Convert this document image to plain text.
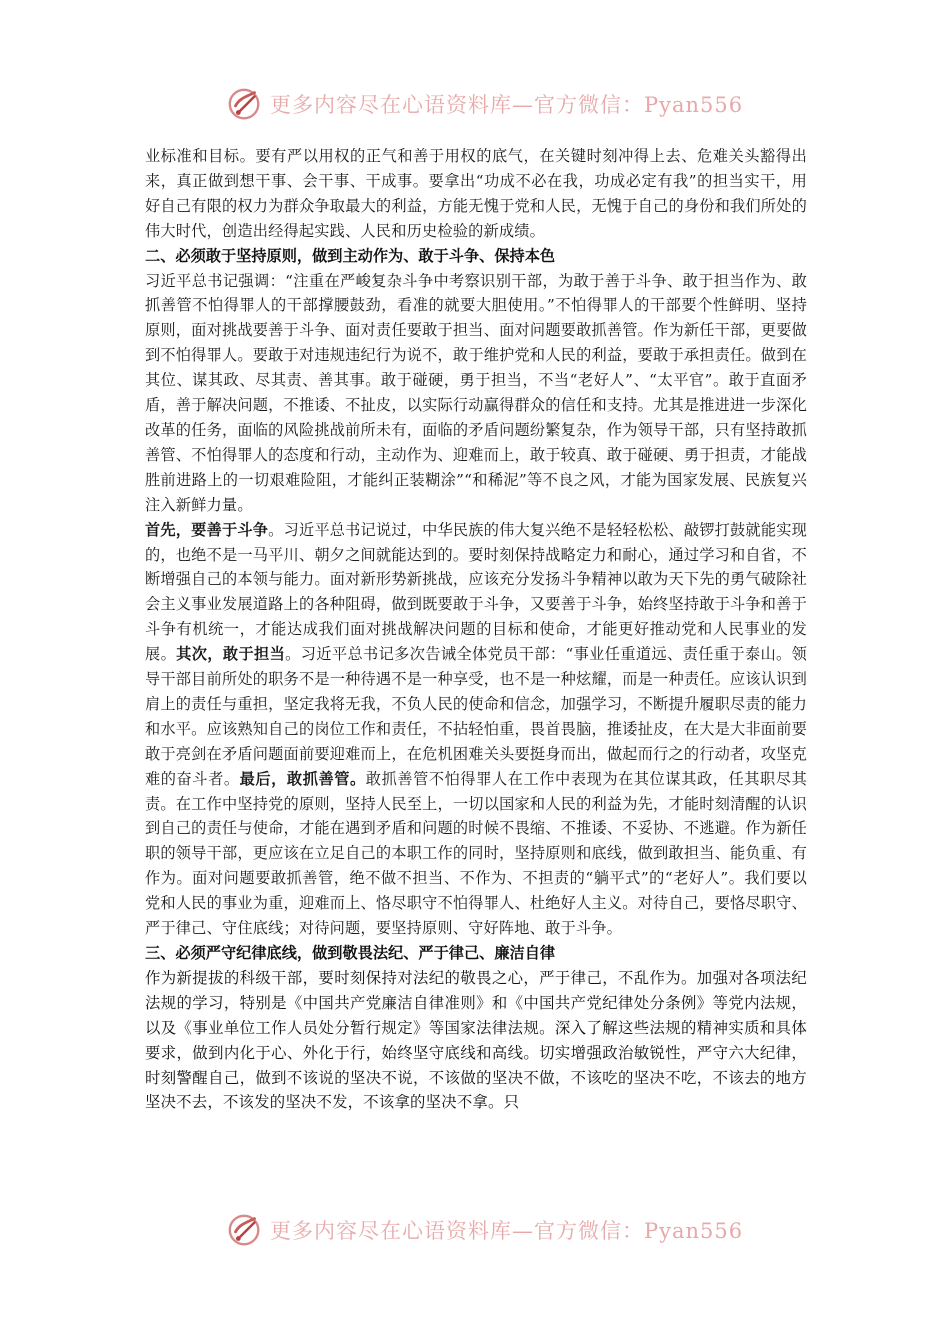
更多内容尽在心语资料库—官方微信：Pyan556

业标准和目标。要有严以用权的正气和善于用权的底气，在关键时刻冲得上去、危难关头豁得出来，真正做到想干事、会干事、干成事。要拿出“功成不必在我，功成必定有我”的担当实干，用好自己有限的权力为群众争取最大的利益，方能无愧于党和人民，无愧于自己的身份和我们所处的伟大时代，创造出经得起实践、人民和历史检验的新成绩。

二、必须敢于坚持原则，做到主动作为、敢于斗争、保持本色

习近平总书记强调：“注重在严峻复杂斗争中考察识别干部，为敢于善于斗争、敢于担当作为、敢抓善管不怕得罪人的干部撑腰鼓劲，看准的就要大胆使用。”不怕得罪人的干部要个性鲜明、坚持原则，面对挑战要善于斗争、面对责任要敢于担当、面对问题要敢抓善管。作为新任干部，更要做到不怕得罪人。要敢于对违规违纪行为说不，敢于维护党和人民的利益，要敢于承担责任。做到在其位、谋其政、尽其责、善其事。敢于碰硬，勇于担当，不当“老好人”、“太平官”。敢于直面矛盾，善于解决问题，不推诿、不扯皮，以实际行动赢得群众的信任和支持。尤其是推进进一步深化改革的任务，面临的风险挑战前所未有，面临的矛盾问题纷繁复杂，作为领导干部，只有坚持敢抓善管、不怕得罪人的态度和行动，主动作为、迎难而上，敢于较真、敢于碰硬、勇于担责，才能战胜前进路上的一切艰难险阻，才能纠正装糊涂”“和稀泥”等不良之风，才能为国家发展、民族复兴注入新鲜力量。

首先，要善于斗争。习近平总书记说过，中华民族的伟大复兴绝不是轻轻松松、敲锣打鼓就能实现的，也绝不是一马平川、朝夕之间就能达到的。要时刻保持战略定力和耐心，通过学习和自省，不断增强自己的本领与能力。面对新形势新挑战，应该充分发扬斗争精神以敢为天下先的勇气破除社会主义事业发展道路上的各种阻碍，做到既要敢于斗争，又要善于斗争，始终坚持敢于斗争和善于斗争有机统一，才能达成我们面对挑战解决问题的目标和使命，才能更好推动党和人民事业的发展。其次，敢于担当。习近平总书记多次告诫全体党员干部：“事业任重道远、责任重于泰山。领导干部目前所处的职务不是一种待遇不是一种享受，也不是一种炫耀，而是一种责任。应该认识到肩上的责任与重担，坚定我将无我，不负人民的使命和信念，加强学习，不断提升履职尽责的能力和水平。应该熟知自己的岗位工作和责任，不拈轻怕重，畏首畏脑，推诿扯皮，在大是大非面前要敢于亮剑在矛盾问题面前要迎难而上，在危机困难关头要挺身而出，做起而行之的行动者，攻坚克难的奋斗者。最后，敢抓善管。敢抓善管不怕得罪人在工作中表现为在其位谋其政，任其职尽其责。在工作中坚持党的原则，坚持人民至上，一切以国家和人民的利益为先，才能时刻清醒的认识到自己的责任与使命，才能在遇到矛盾和问题的时候不畏缩、不推诿、不妥协、不逃避。作为新任职的领导干部，更应该在立足自己的本职工作的同时，坚持原则和底线，做到敢担当、能负重、有作为。面对问题要敢抓善管，绝不做不担当、不作为、不担责的“躺平式”的“老好人”。我们要以党和人民的事业为重，迎难而上、恪尽职守不怕得罪人、杜绝好人主义。对待自己，要恪尽职守、严于律己、守住底线；对待问题，要坚持原则、守好阵地、敢于斗争。

三、必须严守纪律底线，做到敬畏法纪、严于律己、廉洁自律

作为新提拔的科级干部，要时刻保持对法纪的敬畏之心，严于律己，不乱作为。加强对各项法纪法规的学习，特别是《中国共产党廉洁自律准则》和《中国共产党纪律处分条例》等党内法规，以及《事业单位工作人员处分暂行规定》等国家法律法规。深入了解这些法规的精神实质和具体要求，做到内化于心、外化于行，始终坚守底线和高线。切实增强政治敏锐性，严守六大纪律，时刻警醒自己，做到不该说的坚决不说，不该做的坚决不做，不该吃的坚决不吃，不该去的地方坚决不去，不该发的坚决不发，不该拿的坚决不拿。只

更多内容尽在心语资料库—官方微信：Pyan556
